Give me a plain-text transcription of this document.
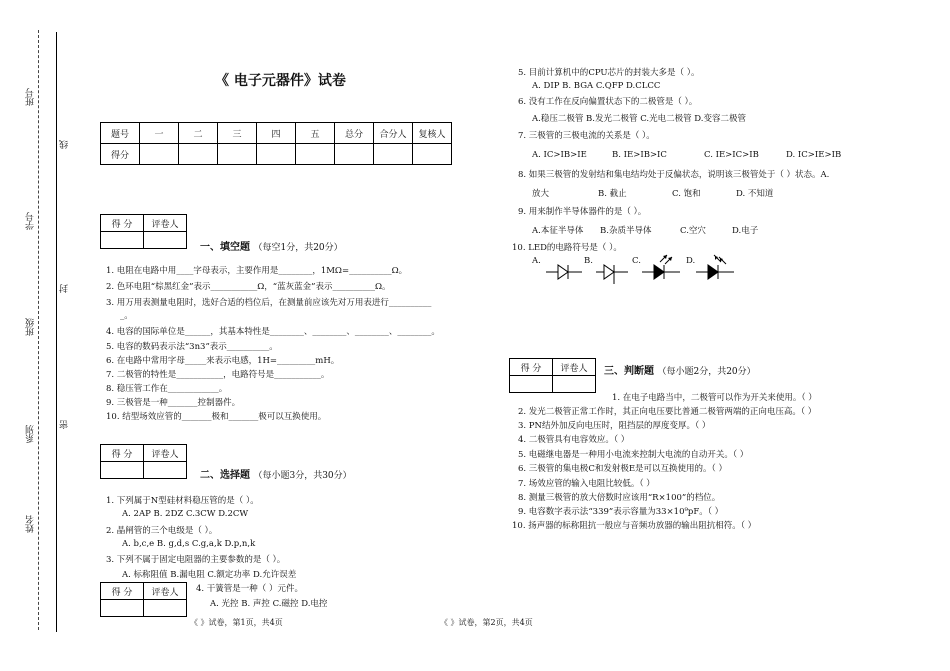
班号
学号
班级
系别
姓名
线
封
密
《 电子元器件》试卷
题号	一	二	三	四	五	总分	合分人	复核人
得分								
得 分	评卷人

一、填空题 （每空1分，共20分）
1. 电阻在电路中用____字母表示，主要作用是________，1MΩ=__________Ω。
2. 色环电阻“棕黑红金”表示___________Ω，“蓝灰蓝金”表示__________Ω。
3. 用万用表测量电阻时，选好合适的档位后，在测量前应该先对万用表进行__________
_。
4. 电容的国际单位是______，其基本特性是________、________、________、________。
5. 电容的数码表示法“3n3”表示__________。
6. 在电路中常用字母_____来表示电感，1H=_________mH。
7. 二极管的特性是___________，电路符号是___________。
8. 稳压管工作在____________。
9. 三极管是一种_______控制器件。
10. 结型场效应管的_______极和_______极可以互换使用。
得 分	评卷人

二、选择题 （每小题3分，共30分）
1. 下列属于N型硅材料稳压管的是（ ）。
A. 2AP B. 2DZ C.3CW D.2CW
2. 晶闸管的三个电级是（ ）。
A. b,c,e B. g,d,s C.g,a,k D.p,n,k
3. 下列不属于固定电阻器的主要参数的是（ ）。
A. 标称阻值 B.漏电阻 C.额定功率 D.允许误差
得 分	评卷人
	4. 干簧管是一种（ ）元件。
A. 光控 B. 声控 C.磁控 D.电控
《 》试卷，第1页，共4页	《 》试卷，第2页，共4页
5. 目前计算机中的CPU芯片的封装大多是（ ）。
A. DIP B. BGA C.QFP D.CLCC
6. 没有工作在反向偏置状态下的二极管是（ ）。
A.稳压二极管 B.发光二极管 C.光电二极管 D.变容二极管
7. 三极管的三极电流的关系是（ ）。
A. IC>IB>IE	B. IE>IB>IC	C. IE>IC>IB	D. IC>IE>IB
8. 如果三极管的发射结和集电结均处于反偏状态，说明该三极管处于（ ）状态。A.
放大	B. 截止	C. 饱和	D. 不知道
9. 用来制作半导体器件的是（ ）。
A.本征半导体 B.杂质半导体	C.空穴	D.电子
10. LED的电路符号是（ ）。
A.	B.	C.	D.
得 分	评卷人
	三、判断题 （每小题2分，共20分）
1. 在电子电路当中，二极管可以作为开关来使用。（ ）
2. 发光二极管正常工作时，其正向电压要比普通二极管两端的正向电压高。（ ）
3. PN结外加反向电压时，阻挡层的厚度变厚。（ ）
4. 二极管具有电容效应。（ ）
5. 电磁继电器是一种用小电流来控制大电流的自动开关。（ ）
6. 三极管的集电极C和发射极E是可以互换使用的。（ ）
7. 场效应管的输入电阻比较低。（ ）
8. 测量三极管的放大倍数时应该用“R×100”的档位。
9. 电容数字表示法“339”表示容量为33×10⁹pF。（ ）
10. 扬声器的标称阻抗一般应与音频功放器的输出阻抗相符。（ ）
